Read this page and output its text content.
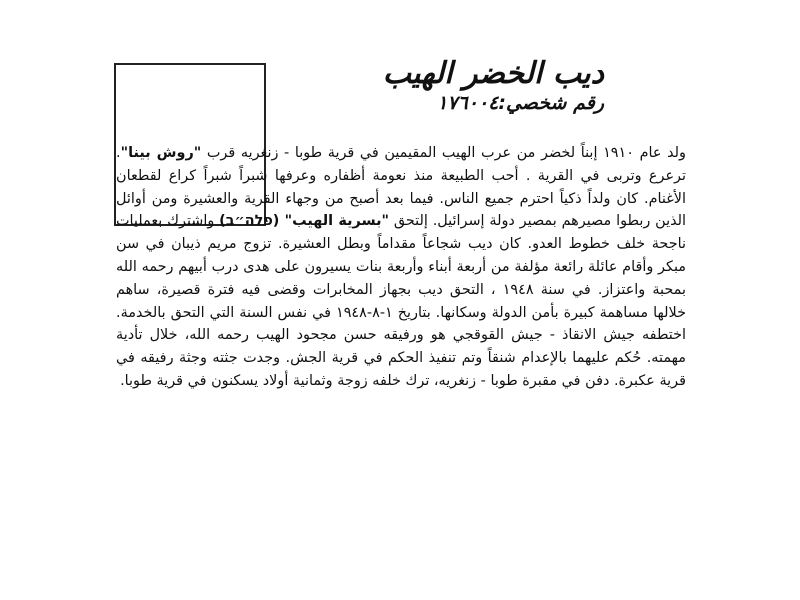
ديب الخضر الهيب
رقم شخصي:١٧٦٠٠٤
ولد عام ١٩١٠ إبناً لخضر من عرب الهيب المقيمين في قرية طوبا - زنغريه قرب "روش بينا". ترعرع وتربى في القرية . أحب الطبيعة منذ نعومة أظفاره وعرفها شبراً شبراً كراع لقطعان الأغنام. كان ولداً ذكياً احترم جميع الناس. فيما بعد أصبح من وجهاء القرية والعشيرة ومن أوائل الذين ربطوا مصيرهم بمصير دولة إسرائيل. إلتحق "بسرية الهيب" (פלה״ב) واشترك بعمليات ناجحة خلف خطوط العدو. كان ديب شجاعاً مقداماً وبطل العشيرة. تزوج مريم ذيبان في سن مبكر وأقام عائلة رائعة مؤلفة من أربعة أبناء وأربعة بنات يسيرون على هدى درب أبيهم رحمه الله بمحبة واعتزاز. في سنة ١٩٤٨ ، التحق ديب بجهاز المخابرات وقضى فيه فترة قصيرة، ساهم خلالها مساهمة كبيرة بأمن الدولة وسكانها. بتاريخ ١-٨-١٩٤٨ في نفس السنة التي التحق بالخدمة. اختطفه جيش الانقاذ - جيش القوقجي هو ورفيقه حسن مجحود الهيب رحمه الله، خلال تأدية مهمته. حُكم عليهما بالإعدام شنقاً وتم تنفيذ الحكم في قرية الجش. وجدت جثته وجثة رفيقه في قرية عكبرة. دفن في مقبرة طوبا - زنغريه، ترك خلفه زوجة وثمانية أولاد يسكنون في قرية طوبا.
